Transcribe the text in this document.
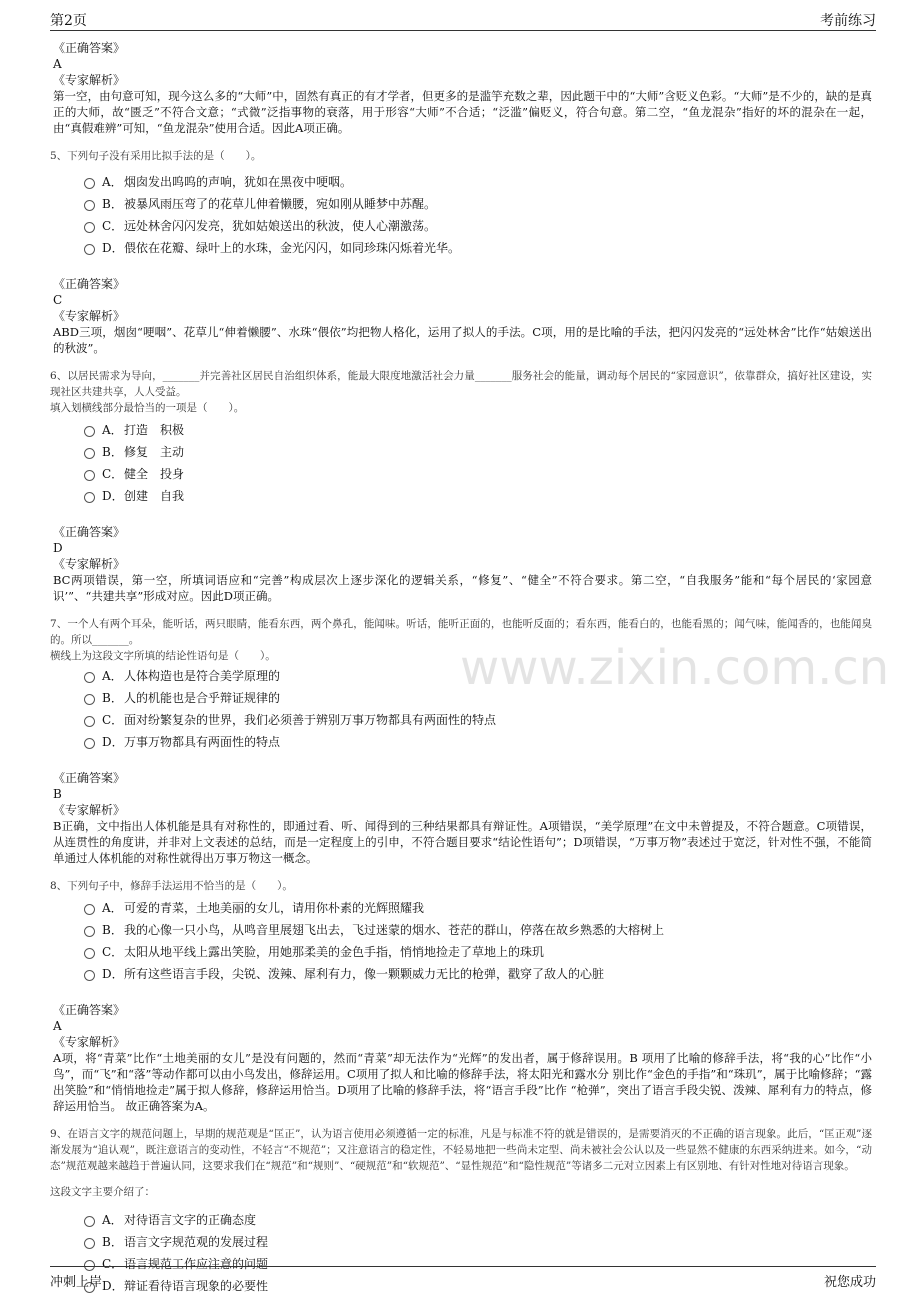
第2页	考前练习
www.zixin.com.cn
《正确答案》
A
《专家解析》
第一空，由句意可知，现今这么多的“大师”中，固然有真正的有才学者，但更多的是滥竽充数之辈，因此题干中的“大师”含贬义色彩。“大师”是不少的，缺的是真正的大师，故“匮乏”不符合文意；“式微”泛指事物的衰落，用于形容“大师”不合适；“泛滥”偏贬义，符合句意。第二空，“鱼龙混杂”指好的坏的混杂在一起，由“真假难辨”可知，“鱼龙混杂”使用合适。因此A项正确。
5、下列句子没有采用比拟手法的是（　　）。
A． 烟囱发出呜呜的声响，犹如在黑夜中哽咽。
B． 被暴风雨压弯了的花草儿伸着懒腰，宛如刚从睡梦中苏醒。
C． 远处林舍闪闪发亮，犹如姑娘送出的秋波，使人心潮激荡。
D． 偎依在花瓣、绿叶上的水珠，金光闪闪，如同珍珠闪烁着光华。
《正确答案》
C
《专家解析》
ABD三项，烟囱“哽咽”、花草儿“伸着懒腰”、水珠“偎依”均把物人格化，运用了拟人的手法。C项，用的是比喻的手法，把闪闪发亮的“远处林舍”比作“姑娘送出的秋波”。
6、以居民需求为导向，_______并完善社区居民自治组织体系，能最大限度地激活社会力量_______服务社会的能量，调动每个居民的“家园意识”，依靠群众，搞好社区建设，实现社区共建共享，人人受益。
填入划横线部分最恰当的一项是（　　）。
A． 打造　积极
B． 修复　主动
C． 健全　投身
D． 创建　自我
《正确答案》
D
《专家解析》
BC两项错误，第一空，所填词语应和“完善”构成层次上逐步深化的逻辑关系，“修复”、“健全”不符合要求。第二空，“自我服务”能和“每个居民的‘家园意识’”、“共建共享”形成对应。因此D项正确。
7、一个人有两个耳朵，能听话，两只眼睛，能看东西，两个鼻孔，能闻味。听话，能听正面的，也能听反面的；看东西，能看白的，也能看黑的；闻气味，能闻香的，也能闻臭的。所以_______。
横线上为这段文字所填的结论性语句是（　　）。
A． 人体构造也是符合美学原理的
B． 人的机能也是合乎辩证规律的
C． 面对纷繁复杂的世界，我们必须善于辨别万事万物都具有两面性的特点
D． 万事万物都具有两面性的特点
《正确答案》
B
《专家解析》
B正确，文中指出人体机能是具有对称性的，即通过看、听、闻得到的三种结果都具有辩证性。A项错误，“美学原理”在文中未曾提及，不符合题意。C项错误，从连贯性的角度讲，并非对上文表述的总结，而是一定程度上的引申，不符合题目要求“结论性语句”；D项错误，“万事万物”表述过于宽泛，针对性不强，不能简单通过人体机能的对称性就得出万事万物这一概念。
8、下列句子中，修辞手法运用不恰当的是（　　）。
A． 可爱的青菜，土地美丽的女儿，请用你朴素的光辉照耀我
B． 我的心像一只小鸟，从鸣音里展翅飞出去，飞过迷蒙的烟水、苍茫的群山，停落在故乡熟悉的大榕树上
C． 太阳从地平线上露出笑脸，用她那柔美的金色手指，悄悄地捡走了草地上的珠玑
D． 所有这些语言手段，尖锐、泼辣、犀利有力，像一颗颗威力无比的枪弹，戳穿了敌人的心脏
《正确答案》
A
《专家解析》
A项，将“青菜”比作“土地美丽的女儿”是没有问题的，然而“青菜”却无法作为“光辉”的发出者，属于修辞误用。B 项用了比喻的修辞手法，将“我的心”比作“小鸟”，而“飞”和“落”等动作都可以由小鸟发出，修辞运用。C项用了拟人和比喻的修辞手法，将太阳光和露水分 别比作“金色的手指”和“珠玑”，属于比喻修辞；“露出笑脸”和“悄悄地捡走”属于拟人修辞，修辞运用恰当。D项用了比喻的修辞手法，将“语言手段”比作 “枪弹”，突出了语言手段尖锐、泼辣、犀利有力的特点，修辞运用恰当。 故正确答案为A。
9、在语言文字的规范问题上，早期的规范观是“匡正”，认为语言使用必须遵循一定的标准，凡是与标准不符的就是错误的，是需要消灭的不正确的语言现象。此后，“匡正观”逐渐发展为“追认观”，既注意语言的变动性，不轻言“不规范”；又注意语言的稳定性，不轻易地把一些尚未定型、尚未被社会公认以及一些显然不健康的东西采纳进来。如今，“动态”规范观越来越趋于普遍认同，这要求我们在“规范”和“规则”、“硬规范”和“软规范”、“显性规范”和“隐性规范”等诸多二元对立因素上有区别地、有针对性地对待语言现象。
这段文字主要介绍了：
A． 对待语言文字的正确态度
B． 语言文字规范观的发展过程
C． 语言规范工作应注意的问题
D． 辩证看待语言现象的必要性
冲刺上岸	祝您成功
